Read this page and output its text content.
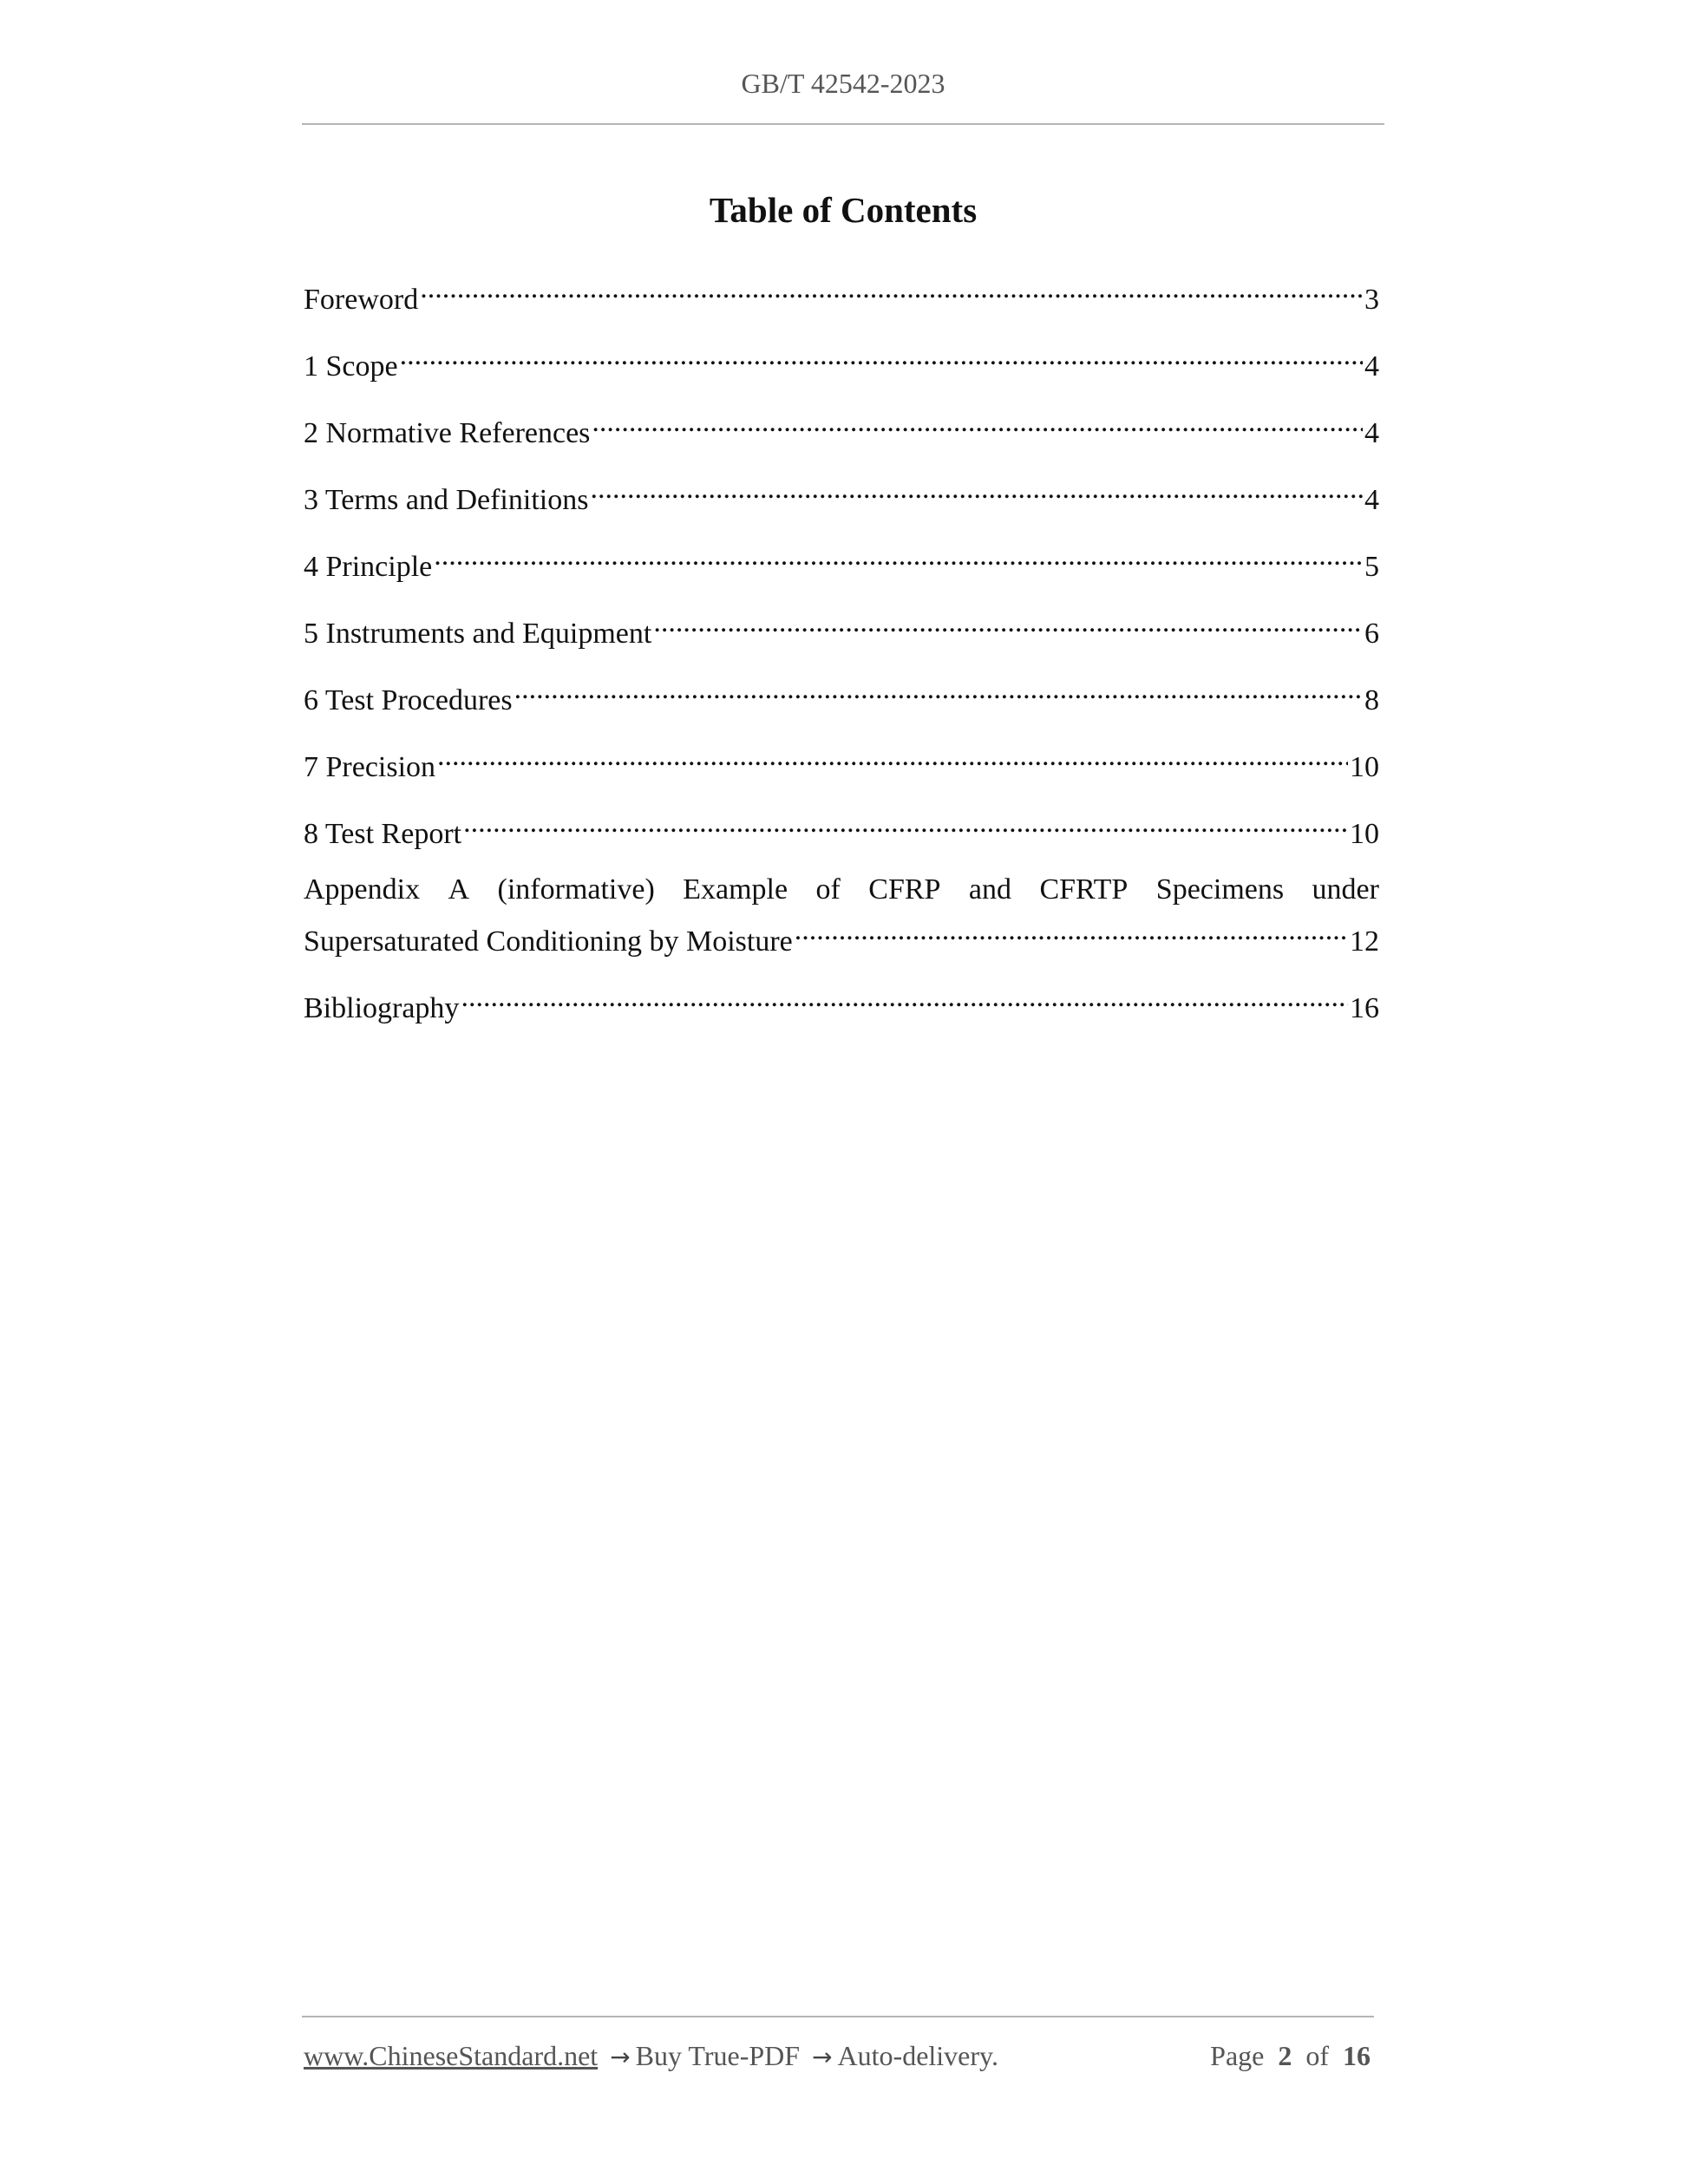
GB/T 42542-2023
Table of Contents
Foreword .....	3
1 Scope .....	4
2 Normative References .....	4
3 Terms and Definitions .....	4
4 Principle .....	5
5 Instruments and Equipment .....	6
6 Test Procedures .....	8
7 Precision .....	10
8 Test Report .....	10
Appendix A (informative) Example of CFRP and CFRTP Specimens under
Supersaturated Conditioning by Moisture .....	12
Bibliography .....	16
www.ChineseStandard.net → Buy True-PDF → Auto-delivery.	Page 2 of 16
